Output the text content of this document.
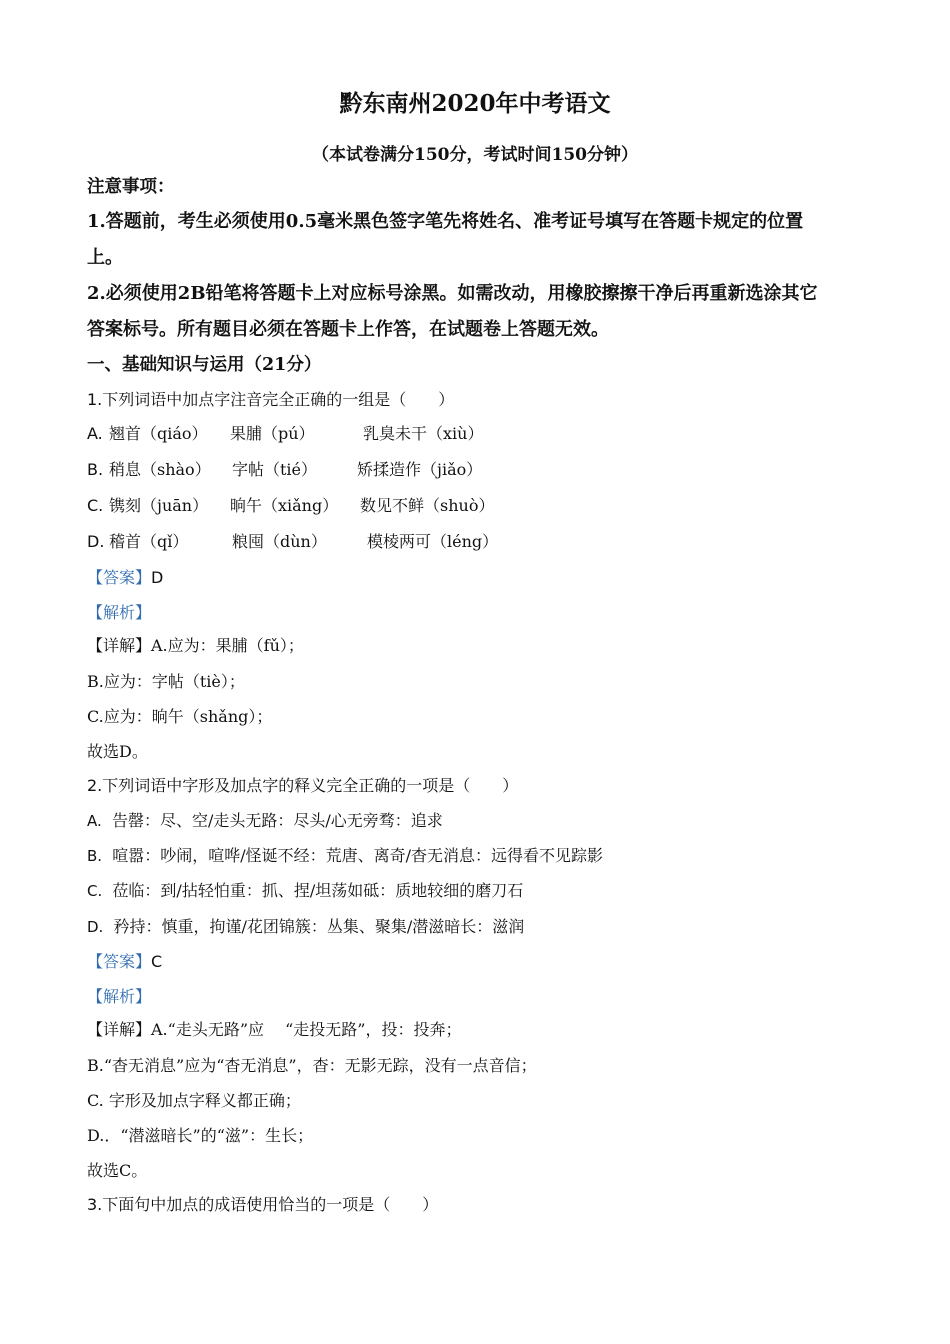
黔东南州2020年中考语文
（本试卷满分150分，考试时间150分钟）
注意事项：
1.答题前，考生必须使用0.5毫米黑色签字笔先将姓名、准考证号填写在答题卡规定的位置
上。
2.必须使用2B铅笔将答题卡上对应标号涂黑。如需改动，用橡胶擦擦干净后再重新选涂其它
答案标号。所有题目必须在答题卡上作答，在试题卷上答题无效。
一、基础知识与运用（21分）
1.下列词语中加点字注音完全正确的一组是（　　）
A. 翘首（qiáo） 果脯（pú）	乳臭未干（xiù）
B. 稍息（shào） 字帖（tié） 矫揉造作（jiǎo）
C. 镌刻（juān） 晌午（xiǎng） 数见不鲜（shuò）
D. 稽首（qǐ）	粮囤（dùn）	模棱两可（léng）
【答案】D
【解析】
【详解】A.应为：果脯（fǔ）；
B.应为：字帖（tiè）；
C.应为：晌午（shǎng）；
故选D。
2.下列词语中字形及加点字的释义完全正确的一项是（　　）
A. 告罄：尽、空/走头无路：尽头/心无旁骛：追求
B. 喧嚣：吵闹，喧哗/怪诞不经：荒唐、离奇/杳无消息：远得看不见踪影
C. 莅临：到/拈轻怕重：抓、捏/坦荡如砥：质地较细的磨刀石
D. 矜持：慎重，拘谨/花团锦簇：丛集、聚集/潜滋暗长：滋润
【答案】C
【解析】
【详解】A.“走头无路”应　 “走投无路”，投：投奔；
B.“杳无消息”应为“杳无消息”，杳：无影无踪，没有一点音信；
C. 字形及加点字释义都正确；
D.．“潜滋暗长”的“滋”：生长；
故选C。
3.下面句中加点的成语使用恰当的一项是（　　）
